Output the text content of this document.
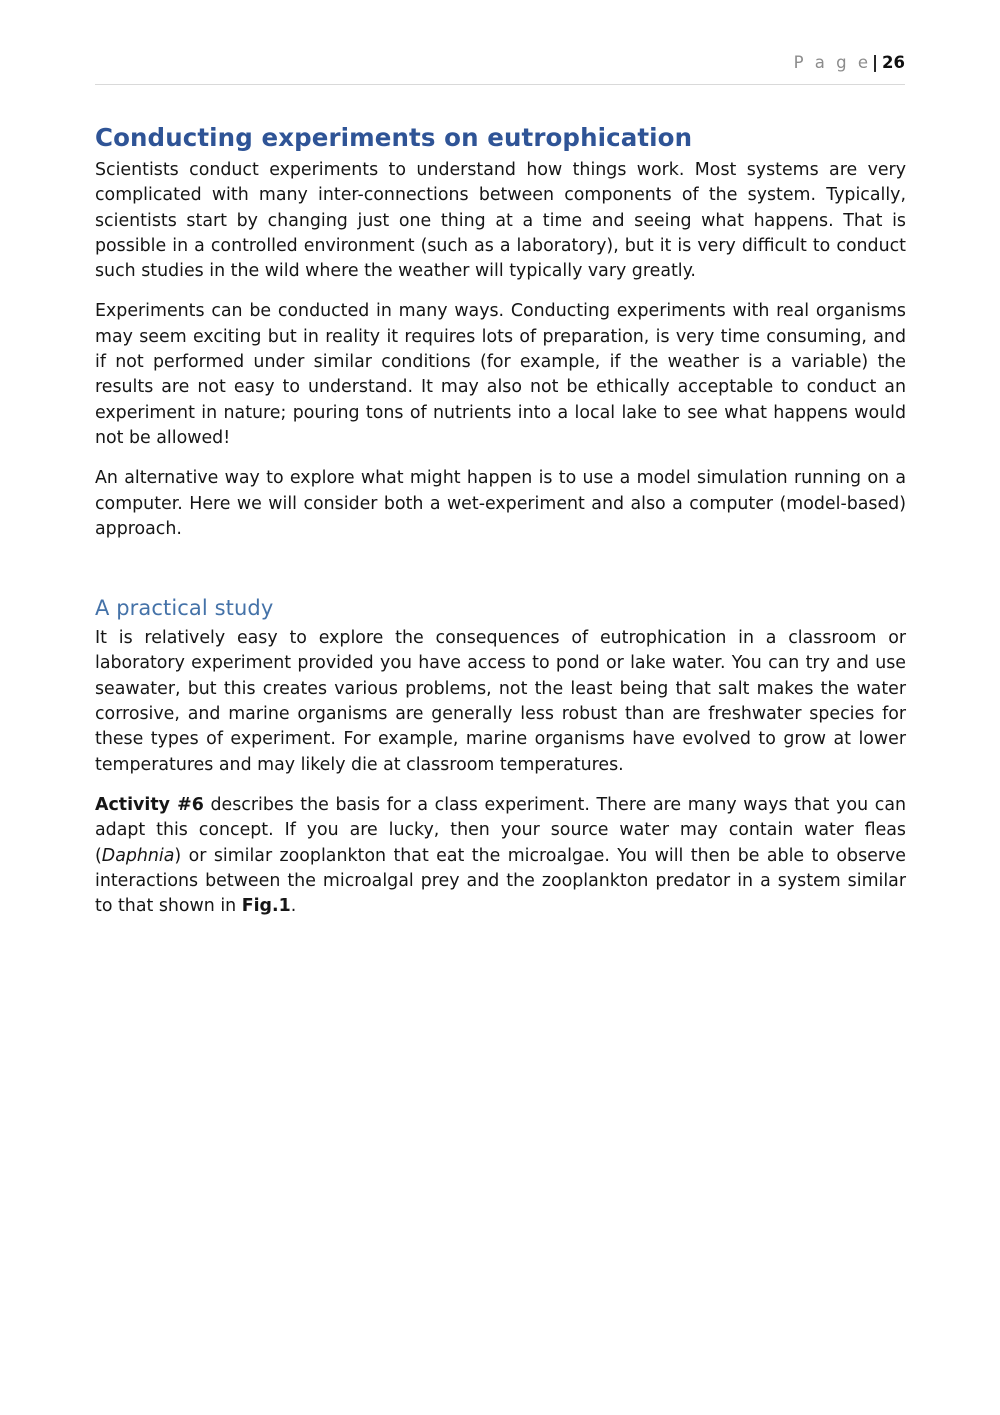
P a g e| 26
Conducting experiments on eutrophication

Scientists conduct experiments to understand how things work. Most systems are very complicated with many inter-connections between components of the system. Typically, scientists start by changing just one thing at a time and seeing what happens. That is possible in a controlled environment (such as a laboratory), but it is very difficult to conduct such studies in the wild where the weather will typically vary greatly.

Experiments can be conducted in many ways. Conducting experiments with real organisms may seem exciting but in reality it requires lots of preparation, is very time consuming, and if not performed under similar conditions (for example, if the weather is a variable) the results are not easy to understand. It may also not be ethically acceptable to conduct an experiment in nature; pouring tons of nutrients into a local lake to see what happens would not be allowed!

An alternative way to explore what might happen is to use a model simulation running on a computer. Here we will consider both a wet-experiment and also a computer (model-based) approach.

A practical study

It is relatively easy to explore the consequences of eutrophication in a classroom or laboratory experiment provided you have access to pond or lake water. You can try and use seawater, but this creates various problems, not the least being that salt makes the water corrosive, and marine organisms are generally less robust than are freshwater species for these types of experiment. For example, marine organisms have evolved to grow at lower temperatures and may likely die at classroom temperatures.

Activity #6 describes the basis for a class experiment. There are many ways that you can adapt this concept. If you are lucky, then your source water may contain water fleas (Daphnia) or similar zooplankton that eat the microalgae. You will then be able to observe interactions between the microalgal prey and the zooplankton predator in a system similar to that shown in Fig.1.
